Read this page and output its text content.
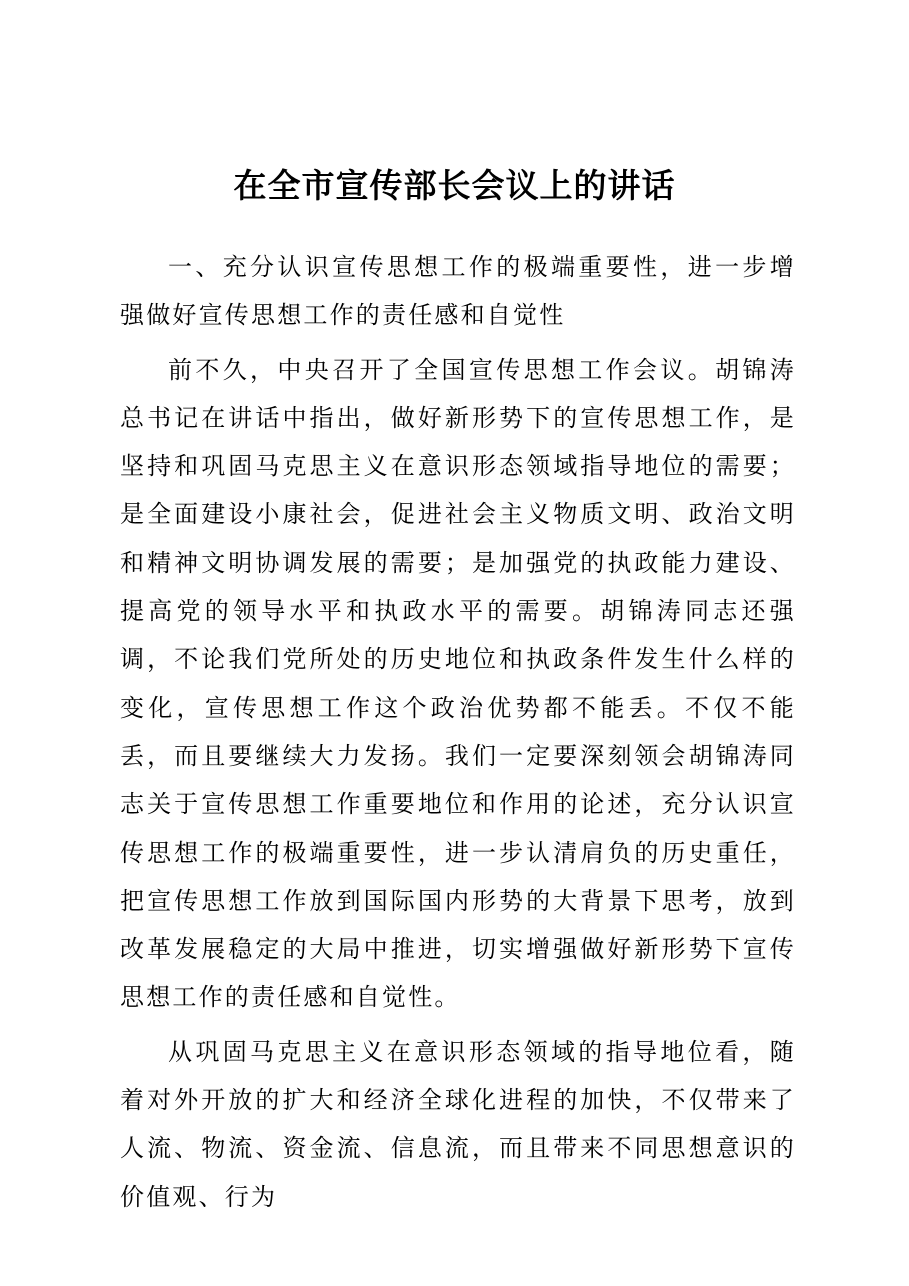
在全市宣传部长会议上的讲话

一、充分认识宣传思想工作的极端重要性，进一步增强做好宣传思想工作的责任感和自觉性

前不久，中央召开了全国宣传思想工作会议。胡锦涛总书记在讲话中指出，做好新形势下的宣传思想工作，是坚持和巩固马克思主义在意识形态领域指导地位的需要；是全面建设小康社会，促进社会主义物质文明、政治文明和精神文明协调发展的需要；是加强党的执政能力建设、提高党的领导水平和执政水平的需要。胡锦涛同志还强调，不论我们党所处的历史地位和执政条件发生什么样的变化，宣传思想工作这个政治优势都不能丢。不仅不能丢，而且要继续大力发扬。我们一定要深刻领会胡锦涛同志关于宣传思想工作重要地位和作用的论述，充分认识宣传思想工作的极端重要性，进一步认清肩负的历史重任，把宣传思想工作放到国际国内形势的大背景下思考，放到改革发展稳定的大局中推进，切实增强做好新形势下宣传思想工作的责任感和自觉性。

从巩固马克思主义在意识形态领域的指导地位看，随着对外开放的扩大和经济全球化进程的加快，不仅带来了人流、物流、资金流、信息流，而且带来不同思想意识的价值观、行为
